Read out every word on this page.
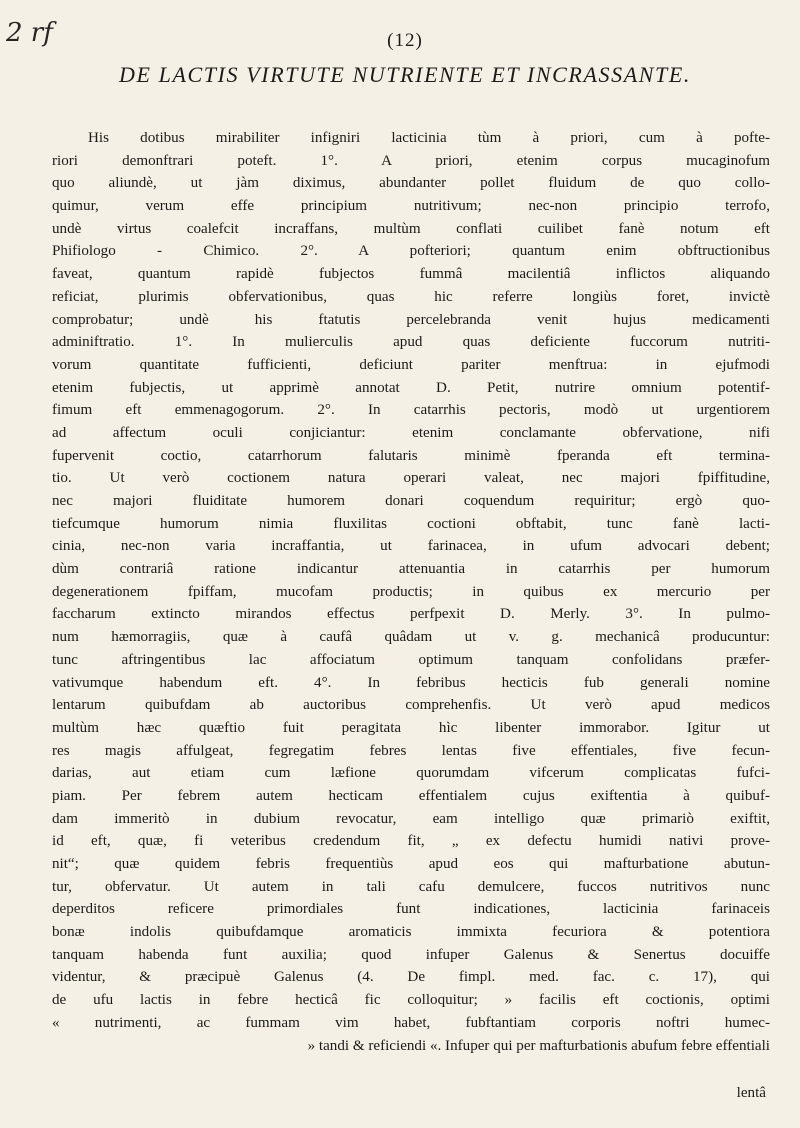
2 rf	(12)
DE LACTIS VIRTUTE NUTRIENTE ET INCRASSANTE.
His dotibus mirabiliter infigniri lacticinia tùm à priori, cum à pofte-
riori demonftrari poteft. 1°. A priori, etenim corpus mucaginofum
quo aliundè, ut jàm diximus, abundanter pollet fluidum de quo collo-
quimur, verum effe principium nutritivum; nec-non principio terrofo,
undè virtus coalefcit incraffans, multùm conflati cuilibet fanè notum eft
Phifiologo - Chimico. 2°. A pofteriori; quantum enim obftructionibus
faveat, quantum rapidè fubjectos fummâ macilentiâ inflictos aliquando
reficiat, plurimis obfervationibus, quas hic referre longiùs foret, invictè
comprobatur; undè his ftatutis percelebranda venit hujus medicamenti
adminiftratio. 1°. In mulierculis apud quas deficiente fuccorum nutriti-
vorum quantitate fufficienti, deficiunt pariter menftrua: in ejufmodi
etenim fubjectis, ut apprimè annotat D. Petit, nutrire omnium potentif-
fimum eft emmenagogorum. 2°. In catarrhis pectoris, modò ut urgentiorem
ad affectum oculi conjiciantur: etenim conclamante obfervatione, nifi
fupervenit coctio, catarrhorum falutaris minimè fperanda eft termina-
tio. Ut verò coctionem natura operari valeat, nec majori fpiffitudine,
nec majori fluiditate humorem donari coquendum requiritur; ergò quo-
tiefcumque humorum nimia fluxilitas coctioni obftabit, tunc fanè lacti-
cinia, nec-non varia incraffantia, ut farinacea, in ufum advocari debent;
dùm contrariâ ratione indicantur attenuantia in catarrhis per humorum
degenerationem fpiffam, mucofam productis; in quibus ex mercurio per
faccharum extincto mirandos effectus perfpexit D. Merly. 3°. In pulmo-
num hæmorragiis, quæ à caufâ quâdam ut v. g. mechanicâ producuntur:
tunc aftringentibus lac affociatum optimum tanquam confolidans præfer-
vativumque habendum eft. 4°. In febribus hecticis fub generali nomine
lentarum quibufdam ab auctoribus comprehenfis. Ut verò apud medicos
multùm hæc quæftio fuit peragitata hìc libenter immorabor. Igitur ut
res magis affulgeat, fegregatim febres lentas five effentiales, five fecun-
darias, aut etiam cum læfione quorumdam vifcerum complicatas fufci-
piam. Per febrem autem hecticam effentialem cujus exiftentia à quibuf-
dam immeritò in dubium revocatur, eam intelligo quæ primariò exiftit,
id eft, quæ, fi veteribus credendum fit, „ ex defectu humidi nativi prove-
nit“; quæ quidem febris frequentiùs apud eos qui mafturbatione abutun-
tur, obfervatur. Ut autem in tali cafu demulcere, fuccos nutritivos nunc
deperditos reficere primordiales funt indicationes, lacticinia farinaceis
bonæ indolis quibufdamque aromaticis immixta fecuriora & potentiora
tanquam habenda funt auxilia; quod infuper Galenus & Senertus docuiffe
videntur, & præcipuè Galenus (4. De fimpl. med. fac. c. 17), qui
de ufu lactis in febre hecticâ fic colloquitur; » facilis eft coctionis, optimi
« nutrimenti, ac fummam vim habet, fubftantiam corporis noftri humec-
» tandi & reficiendi «. Infuper qui per mafturbationis abufum febre effentiali
lentâ
